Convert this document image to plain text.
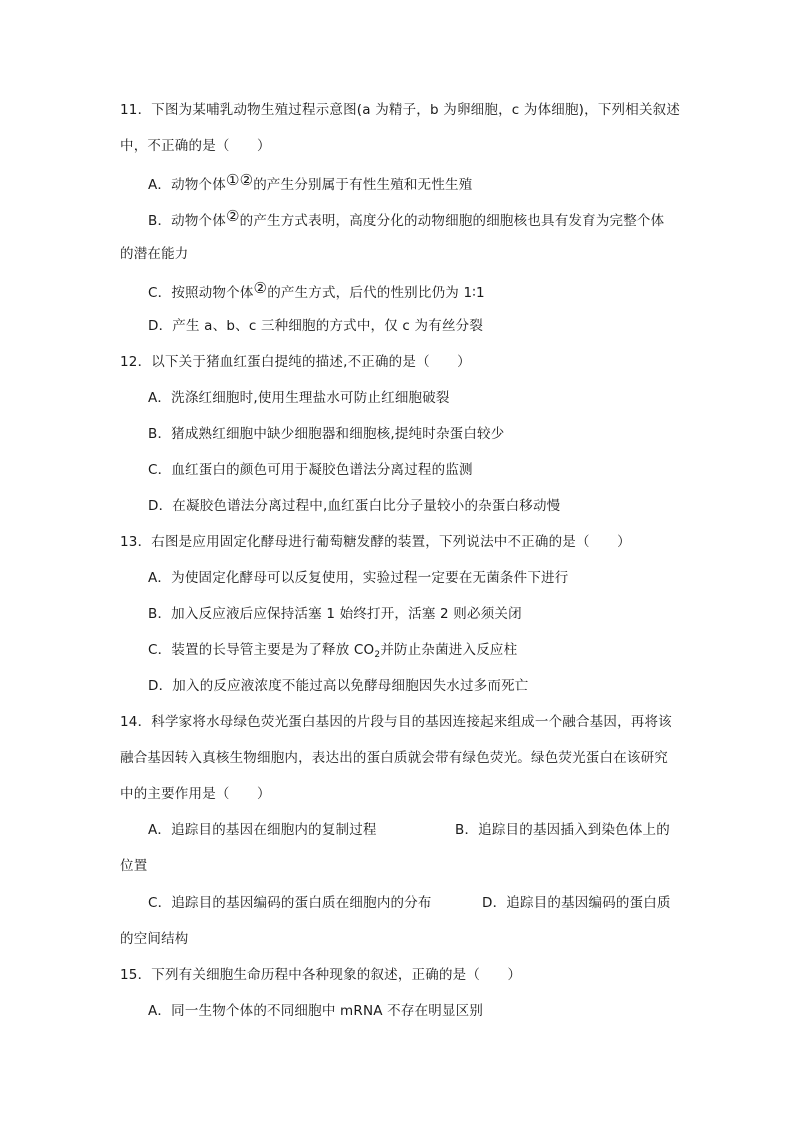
11．下图为某哺乳动物生殖过程示意图(a 为精子，b 为卵细胞，c 为体细胞)，下列相关叙述
中，不正确的是（　　）
A．动物个体①②的产生分别属于有性生殖和无性生殖
B．动物个体②的产生方式表明，高度分化的动物细胞的细胞核也具有发育为完整个体
的潜在能力
C．按照动物个体②的产生方式，后代的性别比仍为 1∶1
D．产生 a、b、c 三种细胞的方式中，仅 c 为有丝分裂
12．以下关于猪血红蛋白提纯的描述,不正确的是（　　）
A．洗涤红细胞时,使用生理盐水可防止红细胞破裂
B．猪成熟红细胞中缺少细胞器和细胞核,提纯时杂蛋白较少
C．血红蛋白的颜色可用于凝胶色谱法分离过程的监测
D．在凝胶色谱法分离过程中,血红蛋白比分子量较小的杂蛋白移动慢
13．右图是应用固定化酵母进行葡萄糖发酵的装置，下列说法中不正确的是（　　）
A．为使固定化酵母可以反复使用，实验过程一定要在无菌条件下进行
B．加入反应液后应保持活塞 1 始终打开，活塞 2 则必须关闭
C．装置的长导管主要是为了释放 $CO_2$并防止杂菌进入反应柱
D．加入的反应液浓度不能过高以免酵母细胞因失水过多而死亡
14．科学家将水母绿色荧光蛋白基因的片段与目的基因连接起来组成一个融合基因，再将该
融合基因转入真核生物细胞内，表达出的蛋白质就会带有绿色荧光。绿色荧光蛋白在该研究
中的主要作用是（　　）
A．追踪目的基因在细胞内的复制过程	B．追踪目的基因插入到染色体上的
位置
C．追踪目的基因编码的蛋白质在细胞内的分布	D．追踪目的基因编码的蛋白质
的空间结构
15．下列有关细胞生命历程中各种现象的叙述，正确的是（　　）
A．同一生物个体的不同细胞中 mRNA 不存在明显区别
